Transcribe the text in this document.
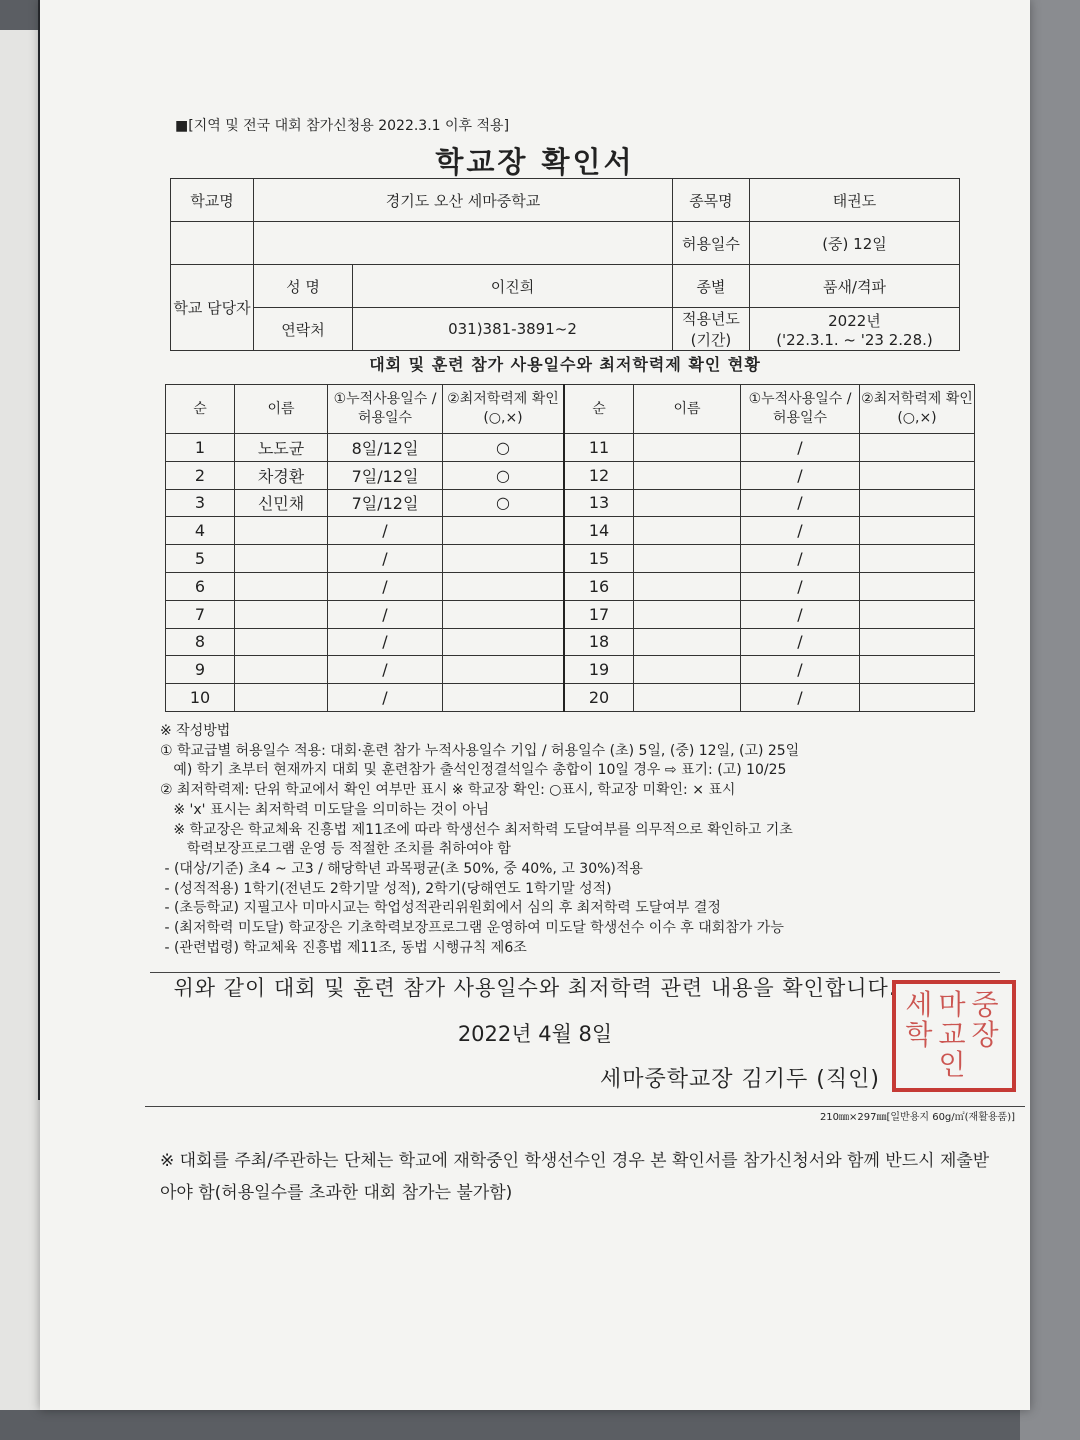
■[지역 및 전국 대회 참가신청용 2022.3.1 이후 적용]
학교장 확인서
학교명	경기도 오산 세마중학교		종목명	태권도
			허용일수	(중) 12일
학교 담당자	성 명	이진희	종별	품새/격파
	연락처	031)381-3891~2	적용년도 (기간)	2022년
('22.3.1. ~ '23 2.28.)
대회 및 훈련 참가 사용일수와 최저학력제 확인 현황
순	이름	①누적사용일수 /허용일수	②최저학력제 확인(○,×)	순	이름	①누적사용일수 /허용일수	②최저학력제 확인(○,×)
1	노도균	8일/12일	○	11		/	
2	차경환	7일/12일	○	12		/	
3	신민채	7일/12일	○	13		/	
4		/		14		/	
5		/		15		/	
6		/		16		/	
7		/		17		/	
8		/		18		/	
9		/		19		/	
10		/		20		/	
※ 작성방법
① 학교급별 허용일수 적용: 대회·훈련 참가 누적사용일수 기입 / 허용일수 (초) 5일, (중) 12일, (고) 25일
예) 학기 초부터 현재까지 대회 및 훈련참가 출석인정결석일수 총합이 10일 경우 ⇨ 표기: (고) 10/25
② 최저학력제: 단위 학교에서 확인 여부만 표시 ※ 학교장 확인: ○표시, 학교장 미확인: × 표시
※ 'x' 표시는 최저학력 미도달을 의미하는 것이 아님
※ 학교장은 학교체육 진흥법 제11조에 따라 학생선수 최저학력 도달여부를 의무적으로 확인하고 기초
학력보장프로그램 운영 등 적절한 조치를 취하여야 함
- (대상/기준) 초4 ~ 고3 / 해당학년 과목평균(초 50%, 중 40%, 고 30%)적용
- (성적적용) 1학기(전년도 2학기말 성적), 2학기(당해연도 1학기말 성적)
- (초등학교) 지필고사 미마시교는 학업성적관리위원회에서 심의 후 최저학력 도달여부 결정
- (최저학력 미도달) 학교장은 기초학력보장프로그램 운영하여 미도달 학생선수 이수 후 대회참가 가능
- (관련법령) 학교체육 진흥법 제11조, 동법 시행규칙 제6조
위와 같이 대회 및 훈련 참가 사용일수와 최저학력 관련 내용을 확인합니다.
2022년 4월 8일
세마중학교장 김기두 (직인)
세마중학교장인
210㎜×297㎜[일반용지 60g/㎡(재활용품)]
※ 대회를 주최/주관하는 단체는 학교에 재학중인 학생선수인 경우 본 확인서를 참가신청서와 함께 반드시 제출받아야 함(허용일수를 초과한 대회 참가는 불가함)
